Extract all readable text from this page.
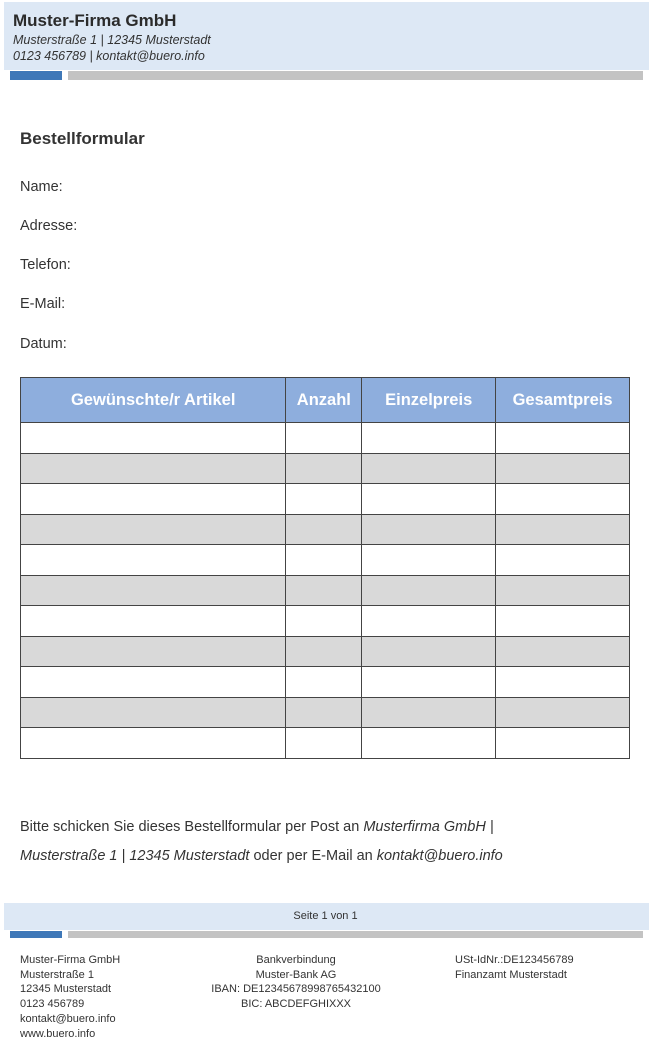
Muster-Firma GmbH
Musterstraße 1 | 12345 Musterstadt
0123 456789 | kontakt@buero.info
Bestellformular
Name:
Adresse:
Telefon:
E-Mail:
Datum:
Gewünschte/r Artikel	Anzahl	Einzelpreis	Gesamtpreis

Bitte schicken Sie dieses Bestellformular per Post an Musterfirma GmbH |
Musterstraße 1 | 12345 Musterstadt oder per E-Mail an kontakt@buero.info
Seite 1 von 1
Muster-Firma GmbH
Musterstraße 1
12345 Musterstadt
0123 456789
kontakt@buero.info
www.buero.info
Bankverbindung
Muster-Bank AG
IBAN: DE12345678998765432100
BIC: ABCDEFGHIXXX
USt-IdNr.:DE123456789
Finanzamt Musterstadt
